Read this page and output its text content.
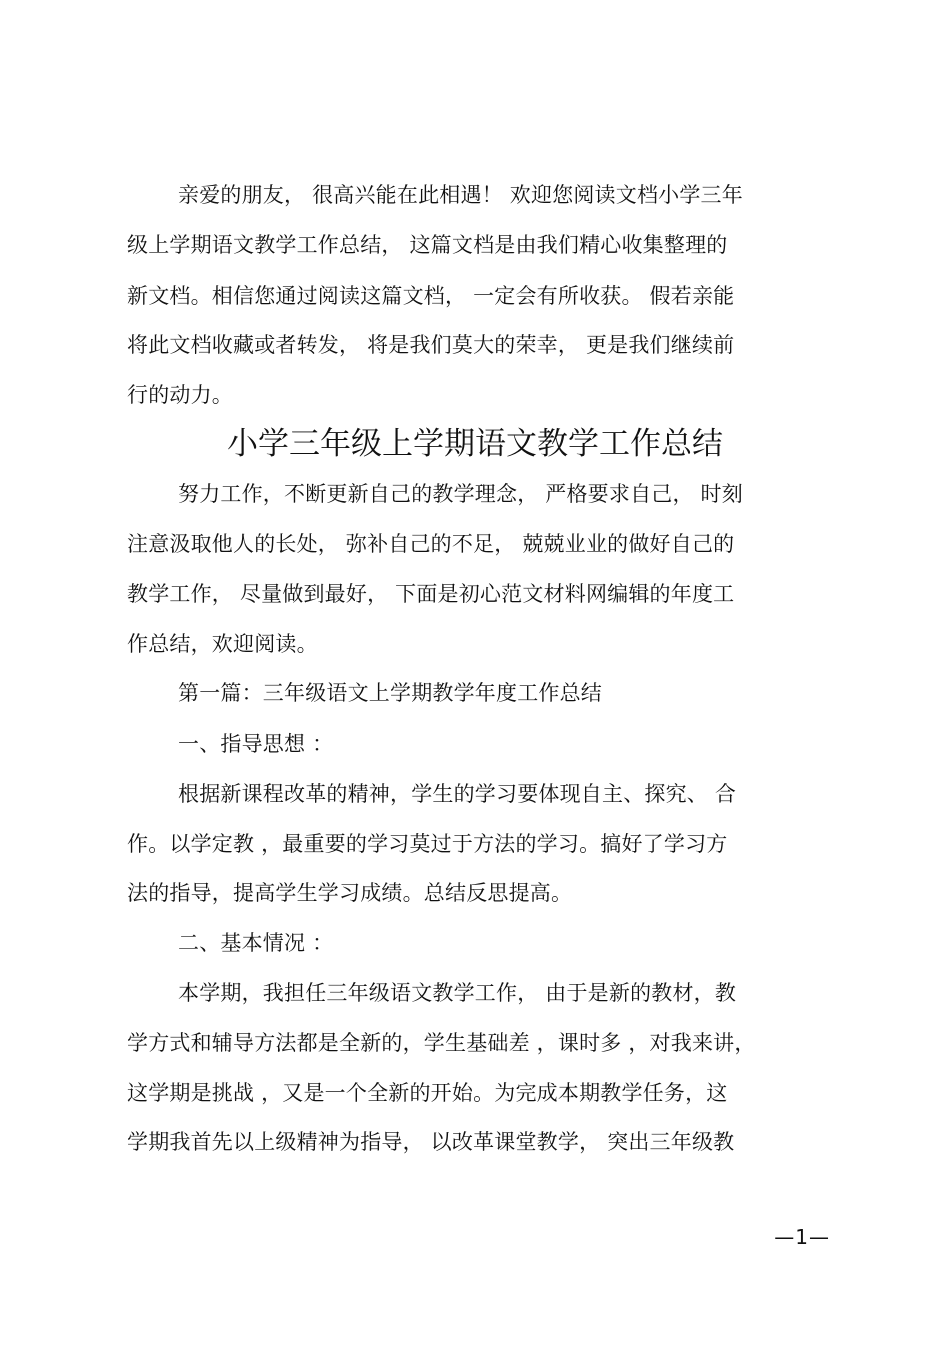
亲爱的朋友， 很高兴能在此相遇！ 欢迎您阅读文档小学三年
级上学期语文教学工作总结， 这篇文档是由我们精心收集整理的
新文档。相信您通过阅读这篇文档， 一定会有所收获。 假若亲能
将此文档收藏或者转发， 将是我们莫大的荣幸， 更是我们继续前
行的动力。
小学三年级上学期语文教学工作总结
努力工作，不断更新自己的教学理念， 严格要求自己， 时刻
注意汲取他人的长处， 弥补自己的不足， 兢兢业业的做好自己的
教学工作， 尽量做到最好， 下面是初心范文材料网编辑的年度工
作总结，欢迎阅读。
第一篇：三年级语文上学期教学年度工作总结
一、指导思想 ：
根据新课程改革的精神，学生的学习要体现自主、探究、 合
作。以学定教 ，最重要的学习莫过于方法的学习。搞好了学习方
法的指导，提高学生学习成绩。总结反思提高。
二、基本情况 ：
本学期，我担任三年级语文教学工作， 由于是新的教材，教
学方式和辅导方法都是全新的，学生基础差 ，课时多 ，对我来讲，
这学期是挑战 ，又是一个全新的开始。为完成本期教学任务，这
学期我首先以上级精神为指导， 以改革课堂教学， 突出三年级教
—1—
